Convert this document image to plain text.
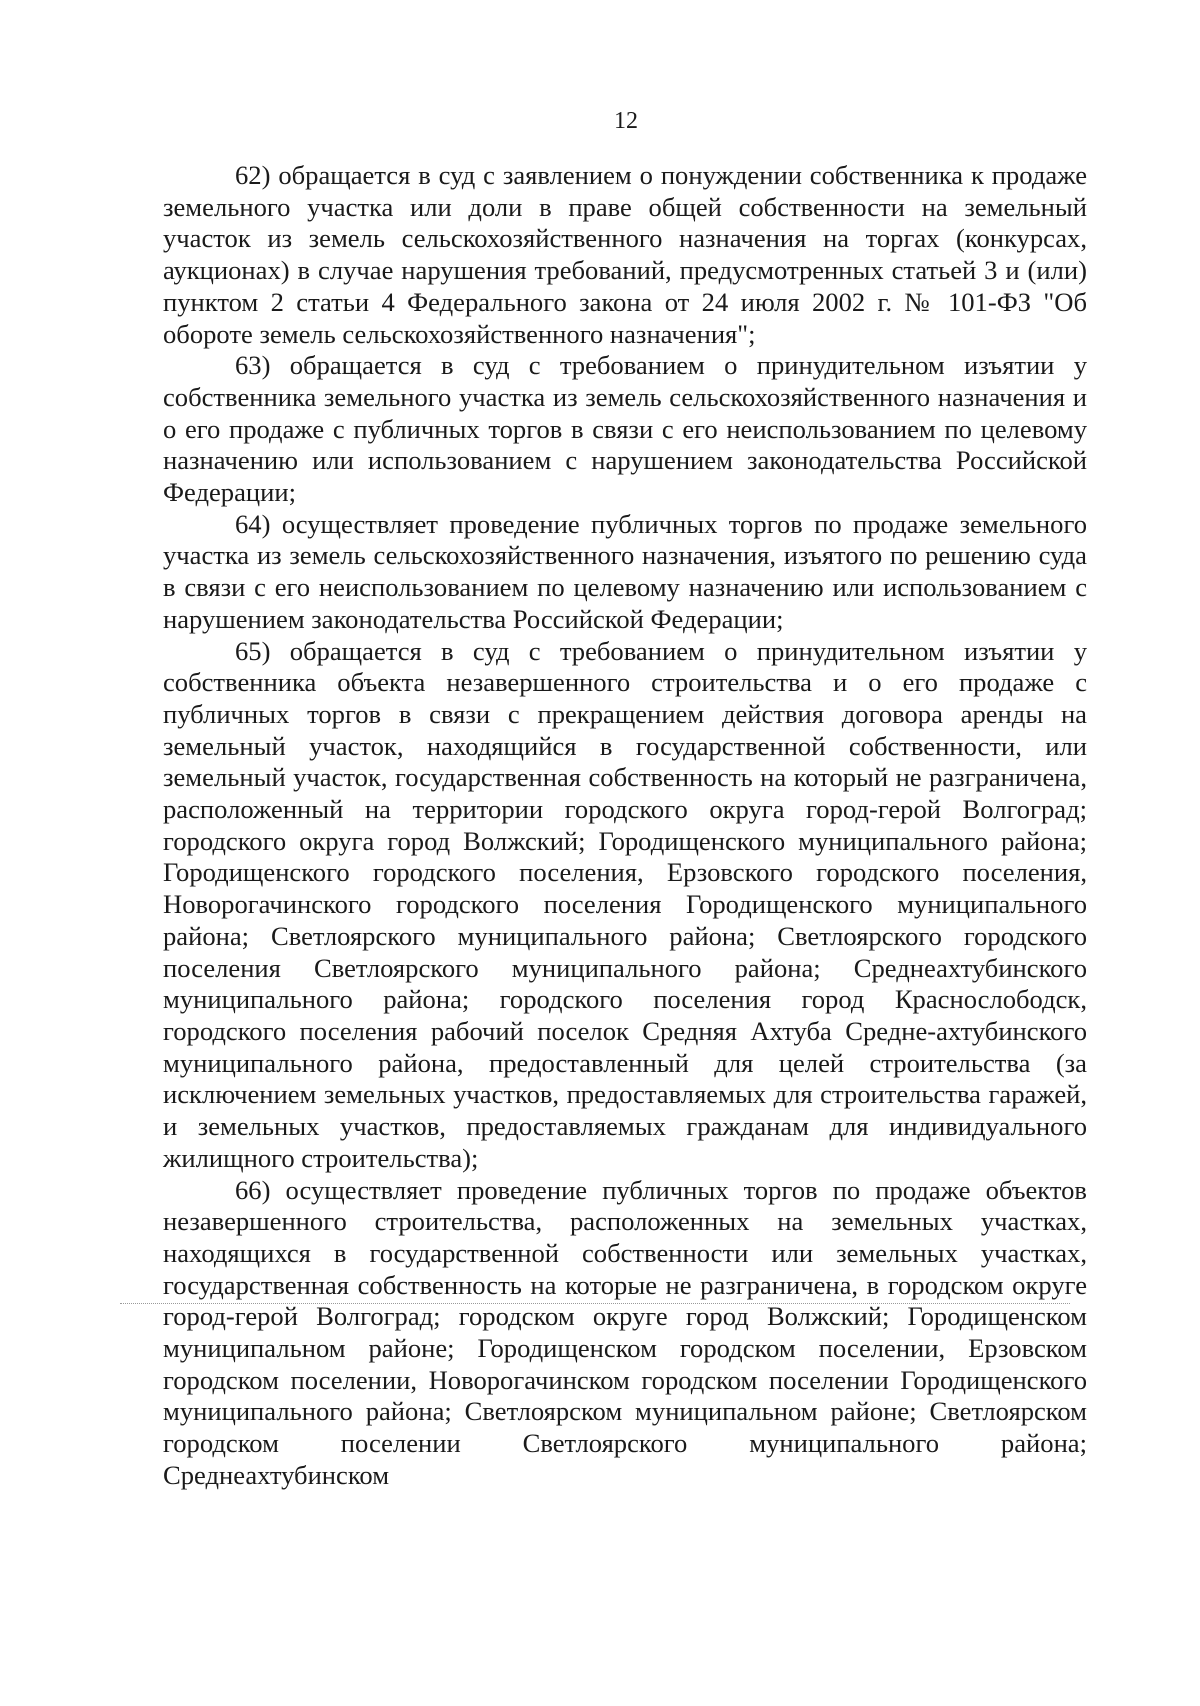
12

62) обращается в суд с заявлением о понуждении собственника к продаже земельного участка или доли в праве общей собственности на земельный участок из земель сельскохозяйственного назначения на торгах (конкурсах, аукционах) в случае нарушения требований, предусмотренных статьей 3 и (или) пунктом 2 статьи 4 Федерального закона от 24 июля 2002 г. № 101-ФЗ "Об обороте земель сельскохозяйственного назначения";

63) обращается в суд с требованием о принудительном изъятии у собственника земельного участка из земель сельскохозяйственного назначения и о его продаже с публичных торгов в связи с его неиспользованием по целевому назначению или использованием с нарушением законодательства Российской Федерации;

64) осуществляет проведение публичных торгов по продаже земельного участка из земель сельскохозяйственного назначения, изъятого по решению суда в связи с его неиспользованием по целевому назначению или использованием с нарушением законодательства Российской Федерации;

65) обращается в суд с требованием о принудительном изъятии у собственника объекта незавершенного строительства и о его продаже с публичных торгов в связи с прекращением действия договора аренды на земельный участок, находящийся в государственной собственности, или земельный участок, государственная собственность на который не разграничена, расположенный на территории городского округа город-герой Волгоград; городского округа город Волжский; Городищенского муниципального района; Городищенского городского поселения, Ерзовского городского поселения, Новорогачинского городского поселения Городищенского муниципального района; Светлоярского муниципального района; Светлоярского городского поселения Светлоярского муниципального района; Среднеахтубинского муниципального района; городского поселения город Краснослободск, городского поселения рабочий поселок Средняя Ахтуба Средне-ахтубинского муниципального района, предоставленный для целей строительства (за исключением земельных участков, предоставляемых для строительства гаражей, и земельных участков, предоставляемых гражданам для индивидуального жилищного строительства);

66) осуществляет проведение публичных торгов по продаже объектов незавершенного строительства, расположенных на земельных участках, находящихся в государственной собственности или земельных участках, государственная собственность на которые не разграничена, в городском округе город-герой Волгоград; городском округе город Волжский; Городищенском муниципальном районе; Городищенском городском поселении, Ерзовском городском поселении, Новорогачинском городском поселении Городищенского муниципального района; Светлоярском муниципальном районе; Светлоярском городском поселении Светлоярского муниципального района; Среднеахтубинском
